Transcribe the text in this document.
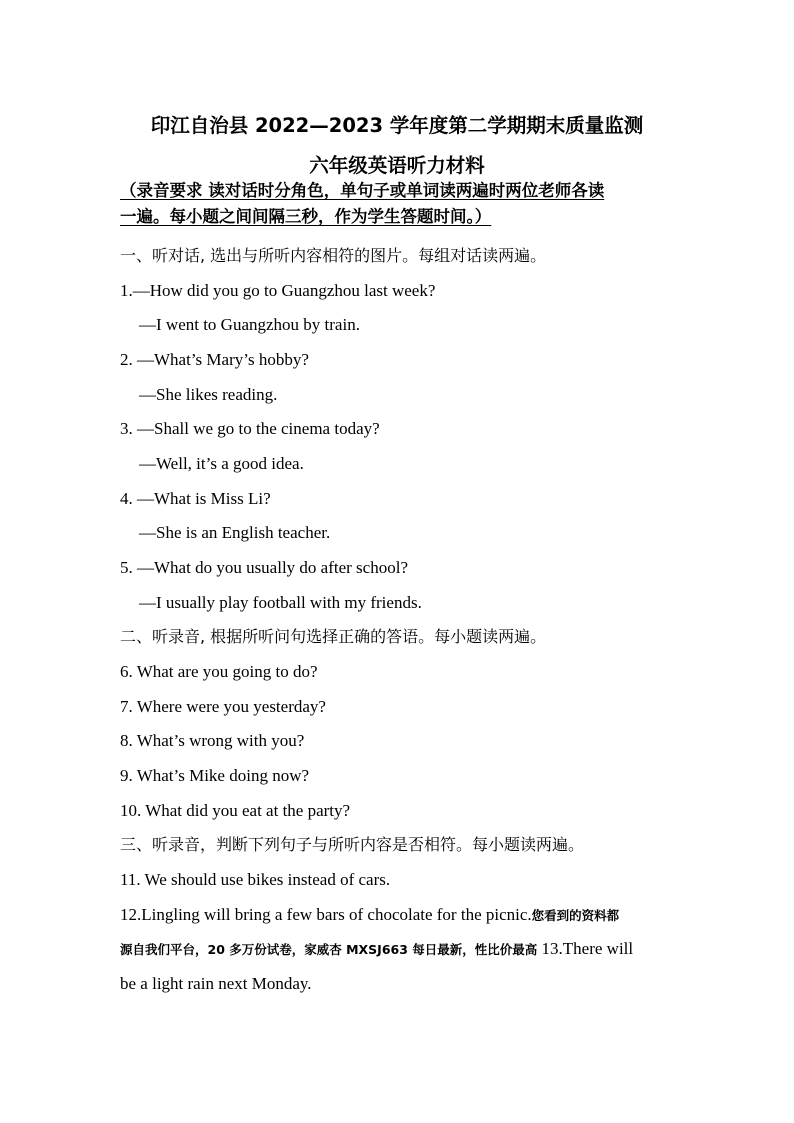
印江自治县 2022—2023 学年度第二学期期末质量监测
六年级英语听力材料
（录音要求 读对话时分角色，单句子或单词读两遍时两位老师各读
一遍。每小题之间间隔三秒，作为学生答题时间。）
一、听对话, 选出与所听内容相符的图片。每组对话读两遍。
1.—How did you go to Guangzhou last week?
—I went to Guangzhou by train.
2. —What’s Mary’s hobby?
—She likes reading.
3. —Shall we go to the cinema today?
—Well, it’s a good idea.
4. —What is Miss Li?
—She is an English teacher.
5. —What do you usually do after school?
—I usually play football with my friends.
二、听录音, 根据所听问句选择正确的答语。每小题读两遍。
6. What are you going to do?
7. Where were you yesterday?
8. What’s wrong with you?
9. What’s Mike doing now?
10. What did you eat at the party?
三、听录音，判断下列句子与所听内容是否相符。每小题读两遍。
11. We should use bikes instead of cars.
12.Lingling will bring a few bars of chocolate for the picnic.您看到的资料都
源自我们平台，20 多万份试卷，家威杏 MXSJ663 每日最新，性比价最高 13.There will
be a light rain next Monday.
